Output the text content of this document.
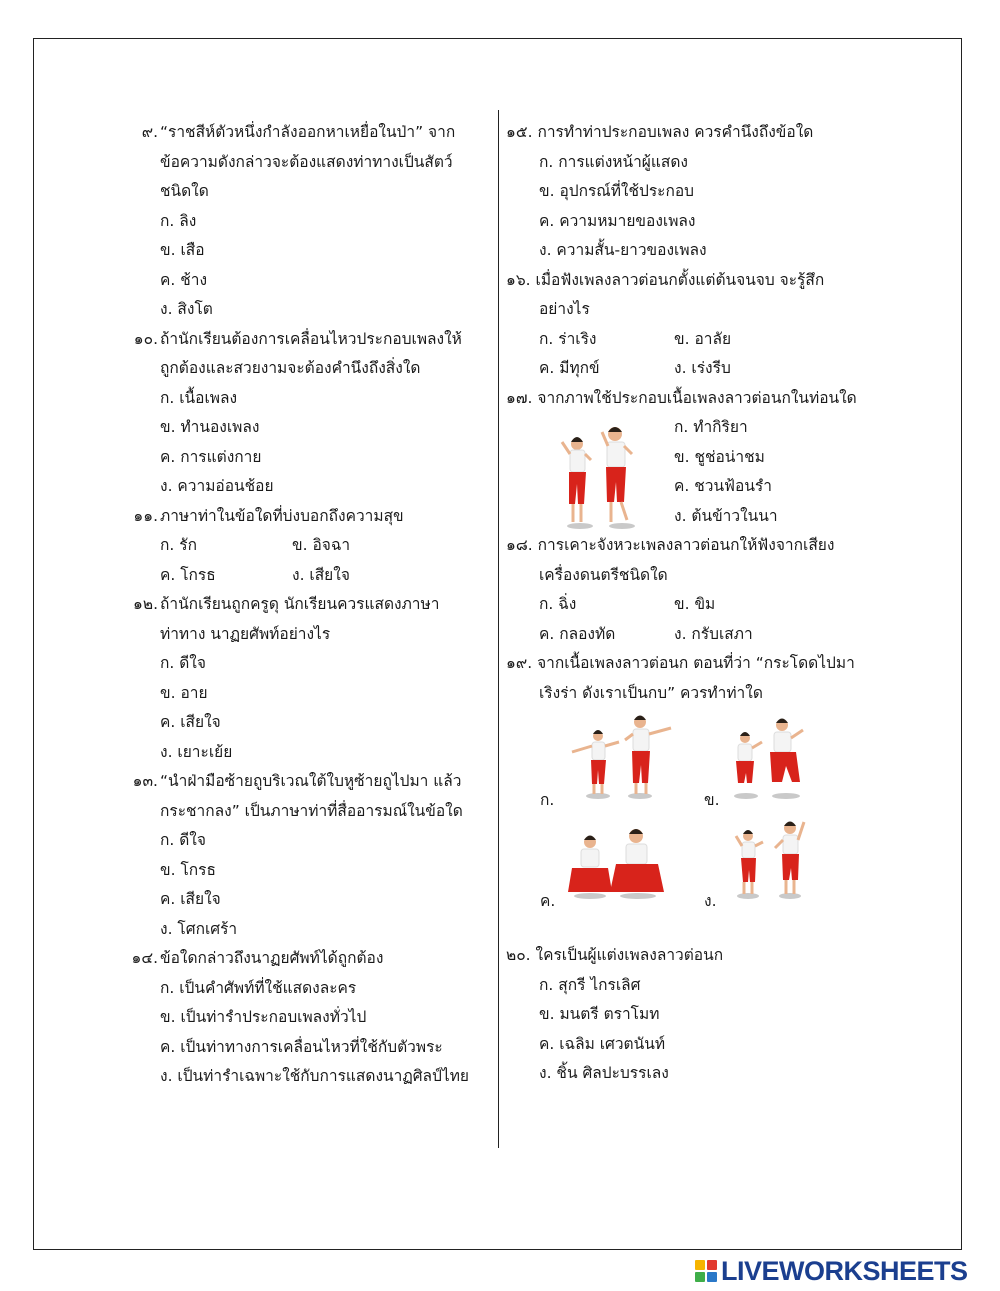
๙. “ราชสีห์ตัวหนึ่งกำลังออกหาเหยื่อในป่า” จาก
ข้อความดังกล่าวจะต้องแสดงท่าทางเป็นสัตว์
ชนิดใด
ก. ลิง
ข. เสือ
ค. ช้าง
ง. สิงโต
๑๐. ถ้านักเรียนต้องการเคลื่อนไหวประกอบเพลงให้
ถูกต้องและสวยงามจะต้องคำนึงถึงสิ่งใด
ก. เนื้อเพลง
ข. ทำนองเพลง
ค. การแต่งกาย
ง. ความอ่อนช้อย
๑๑. ภาษาท่าในข้อใดที่บ่งบอกถึงความสุข
ก. รัก	ข. อิจฉา
ค. โกรธ	ง. เสียใจ
๑๒. ถ้านักเรียนถูกครูดุ นักเรียนควรแสดงภาษา
ท่าทาง นาฏยศัพท์อย่างไร
ก. ดีใจ
ข. อาย
ค. เสียใจ
ง. เยาะเย้ย
๑๓. “นำฝ่ามือซ้ายถูบริเวณใต้ใบหูซ้ายถูไปมา แล้ว
กระชากลง” เป็นภาษาท่าที่สื่ออารมณ์ในข้อใด
ก. ดีใจ
ข. โกรธ
ค. เสียใจ
ง. โศกเศร้า
๑๔. ข้อใดกล่าวถึงนาฏยศัพท์ได้ถูกต้อง
ก. เป็นคำศัพท์ที่ใช้แสดงละคร
ข. เป็นท่ารำประกอบเพลงทั่วไป
ค. เป็นท่าทางการเคลื่อนไหวที่ใช้กับตัวพระ
ง. เป็นท่ารำเฉพาะใช้กับการแสดงนาฏศิลป์ไทย
๑๕. การทำท่าประกอบเพลง ควรคำนึงถึงข้อใด
ก. การแต่งหน้าผู้แสดง
ข. อุปกรณ์ที่ใช้ประกอบ
ค. ความหมายของเพลง
ง. ความสั้น-ยาวของเพลง
๑๖. เมื่อฟังเพลงลาวต่อนกตั้งแต่ต้นจนจบ จะรู้สึก
อย่างไร
ก. ร่าเริง	ข. อาลัย
ค. มีทุกข์	ง. เร่งรีบ
๑๗. จากภาพใช้ประกอบเนื้อเพลงลาวต่อนกในท่อนใด
ก. ทำกิริยา
ข. ชูช่อน่าชม
ค. ชวนฟ้อนรำ
ง. ต้นข้าวในนา
๑๘. การเคาะจังหวะเพลงลาวต่อนกให้ฟังจากเสียง
เครื่องดนตรีชนิดใด
ก. ฉิ่ง	ข. ขิม
ค. กลองทัด	ง. กรับเสภา
๑๙. จากเนื้อเพลงลาวต่อนก ตอนที่ว่า “กระโดดไปมา
เริงร่า ดังเราเป็นกบ” ควรทำท่าใด
ก.	ข.
ค.	ง.
๒๐. ใครเป็นผู้แต่งเพลงลาวต่อนก
ก. สุกรี ไกรเลิศ
ข. มนตรี ตราโมท
ค. เฉลิม เศวตนันท์
ง. ชิ้น ศิลปะบรรเลง
LIVEWORKSHEETS
